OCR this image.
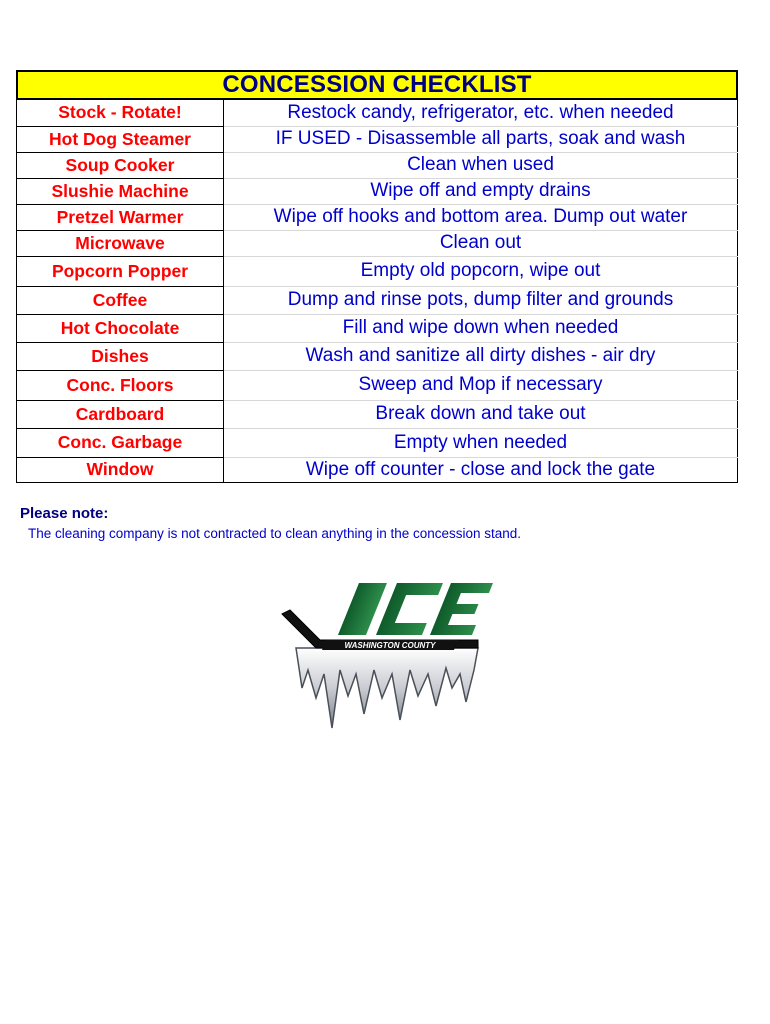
CONCESSION CHECKLIST
Stock - Rotate!	Restock candy, refrigerator, etc. when needed
Hot Dog Steamer	IF USED - Disassemble all parts, soak and wash
Soup Cooker	Clean when used
Slushie Machine	Wipe off and empty drains
Pretzel Warmer	Wipe off hooks and bottom area. Dump out water
Microwave	Clean out
Popcorn Popper	Empty old popcorn, wipe out
Coffee	Dump and rinse pots, dump filter and grounds
Hot Chocolate	Fill and wipe down when needed
Dishes	Wash and sanitize all dirty dishes - air dry
Conc. Floors	Sweep and Mop if necessary
Cardboard	Break down and take out
Conc. Garbage	Empty when needed
Window	Wipe off counter - close and lock the gate
Please note:
The cleaning company is not contracted to clean anything in the concession stand.
WASHINGTON COUNTY
